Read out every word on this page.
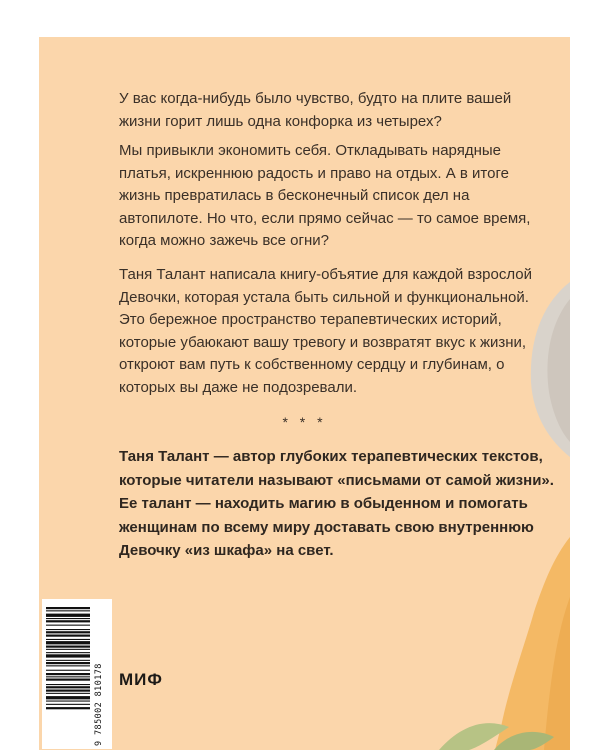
У вас когда-нибудь было чувство, будто на плите вашей жизни горит лишь одна конфорка из четырех?

Мы привыкли экономить себя. Откладывать нарядные платья, искреннюю радость и право на отдых. А в итоге жизнь превратилась в бесконечный список дел на автопилоте. Но что, если прямо сейчас — то самое время, когда можно зажечь все огни?

Таня Талант написала книгу-объятие для каждой взрослой Девочки, которая устала быть сильной и функциональной. Это бережное пространство терапевтических историй, которые убаюкают вашу тревогу и возвратят вкус к жизни, откроют вам путь к собственному сердцу и глубинам, о которых вы даже не подозревали.

* * *

Таня Талант — автор глубоких терапевтических текстов, которые читатели называют «письмами от самой жизни». Ее талант — находить магию в обыденном и помогать женщинам по всему миру доставать свою внутреннюю Девочку «из шкафа» на свет.

9 785002 810178 МИФ
